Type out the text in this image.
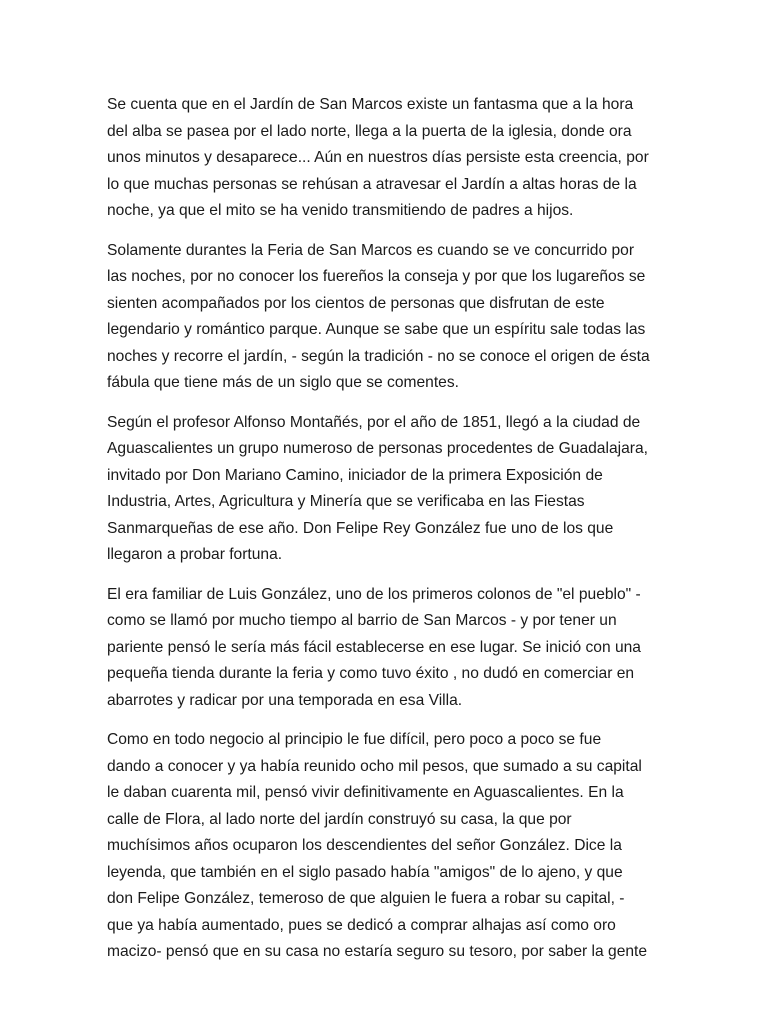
Se cuenta que en el Jardín de San Marcos existe un fantasma que a la hora
del alba se pasea por el lado norte, llega a la puerta de la iglesia, donde ora
unos minutos y desaparece... Aún en nuestros días persiste esta creencia, por
lo que muchas personas se rehúsan a atravesar el Jardín a altas horas de la
noche, ya que el mito se ha venido transmitiendo de padres a hijos.

Solamente durantes la Feria de San Marcos es cuando se ve concurrido por
las noches, por no conocer los fuereños la conseja y por que los lugareños se
sienten acompañados por los cientos de personas que disfrutan de este
legendario y romántico parque. Aunque se sabe que un espíritu sale todas las
noches y recorre el jardín, - según la tradición - no se conoce el origen de ésta
fábula que tiene más de un siglo que se comentes.

Según el profesor Alfonso Montañés, por el año de 1851, llegó a la ciudad de
Aguascalientes un grupo numeroso de personas procedentes de Guadalajara,
invitado por Don Mariano Camino, iniciador de la primera Exposición de
Industria, Artes, Agricultura y Minería que se verificaba en las Fiestas
Sanmarqueñas de ese año. Don Felipe Rey González fue uno de los que
llegaron a probar fortuna.

El era familiar de Luis González, uno de los primeros colonos de "el pueblo" -
como se llamó por mucho tiempo al barrio de San Marcos - y por tener un
pariente pensó le sería más fácil establecerse en ese lugar. Se inició con una
pequeña tienda durante la feria y como tuvo éxito , no dudó en comerciar en
abarrotes y radicar por una temporada en esa Villa.

Como en todo negocio al principio le fue difícil, pero poco a poco se fue
dando a conocer y ya había reunido ocho mil pesos, que sumado a su capital
le daban cuarenta mil, pensó vivir definitivamente en Aguascalientes. En la
calle de Flora, al lado norte del jardín construyó su casa, la que por
muchísimos años ocuparon los descendientes del señor González. Dice la
leyenda, que también en el siglo pasado había "amigos" de lo ajeno, y que
don Felipe González, temeroso de que alguien le fuera a robar su capital, -
que ya había aumentado, pues se dedicó a comprar alhajas así como oro
macizo- pensó que en su casa no estaría seguro su tesoro, por saber la gente
